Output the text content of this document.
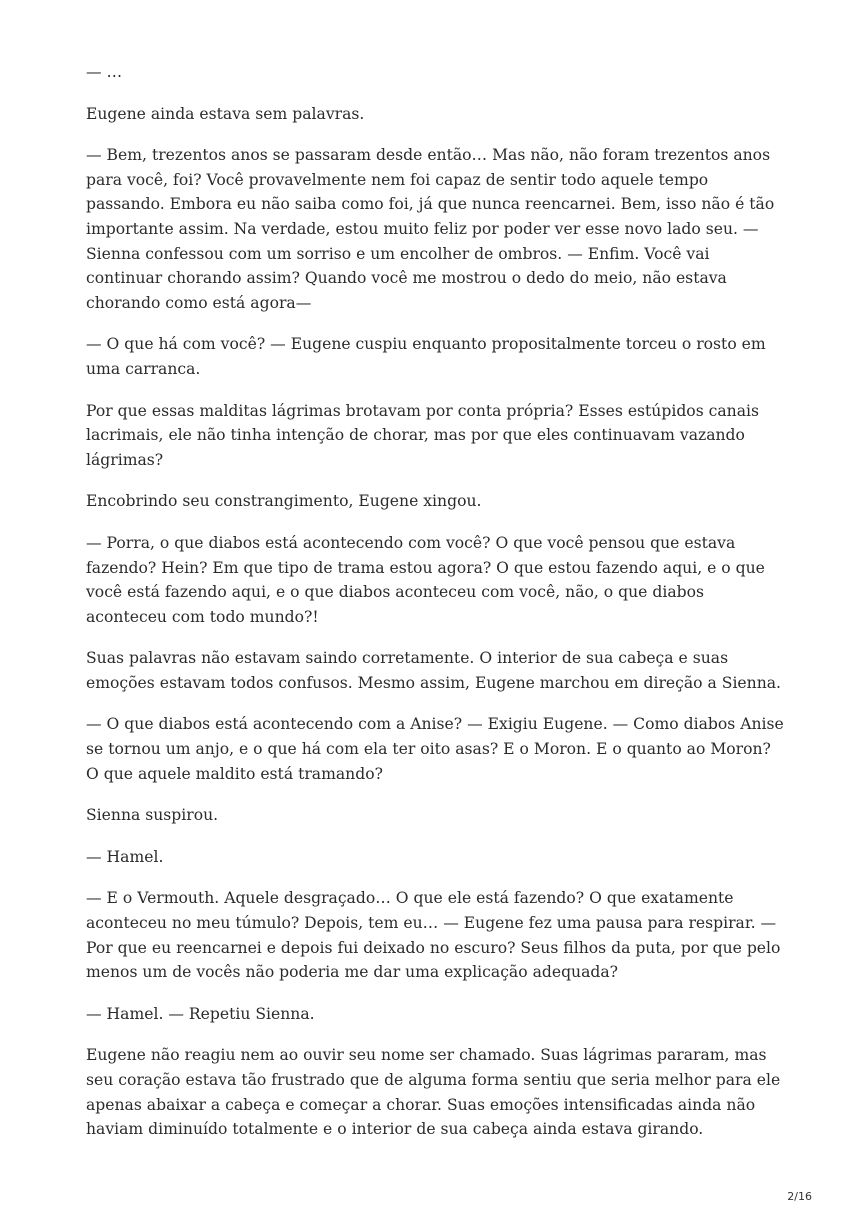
— …

Eugene ainda estava sem palavras.

— Bem, trezentos anos se passaram desde então… Mas não, não foram trezentos anos para você, foi? Você provavelmente nem foi capaz de sentir todo aquele tempo passando. Embora eu não saiba como foi, já que nunca reencarnei. Bem, isso não é tão importante assim. Na verdade, estou muito feliz por poder ver esse novo lado seu. — Sienna confessou com um sorriso e um encolher de ombros. — Enfim. Você vai continuar chorando assim? Quando você me mostrou o dedo do meio, não estava chorando como está agora—

— O que há com você? — Eugene cuspiu enquanto propositalmente torceu o rosto em uma carranca.

Por que essas malditas lágrimas brotavam por conta própria? Esses estúpidos canais lacrimais, ele não tinha intenção de chorar, mas por que eles continuavam vazando lágrimas?

Encobrindo seu constrangimento, Eugene xingou.

— Porra, o que diabos está acontecendo com você? O que você pensou que estava fazendo? Hein? Em que tipo de trama estou agora? O que estou fazendo aqui, e o que você está fazendo aqui, e o que diabos aconteceu com você, não, o que diabos aconteceu com todo mundo?!

Suas palavras não estavam saindo corretamente. O interior de sua cabeça e suas emoções estavam todos confusos. Mesmo assim, Eugene marchou em direção a Sienna.

— O que diabos está acontecendo com a Anise? — Exigiu Eugene. — Como diabos Anise se tornou um anjo, e o que há com ela ter oito asas? E o Moron. E o quanto ao Moron? O que aquele maldito está tramando?

Sienna suspirou.

— Hamel.

— E o Vermouth. Aquele desgraçado… O que ele está fazendo? O que exatamente aconteceu no meu túmulo? Depois, tem eu… — Eugene fez uma pausa para respirar. — Por que eu reencarnei e depois fui deixado no escuro? Seus filhos da puta, por que pelo menos um de vocês não poderia me dar uma explicação adequada?

— Hamel. — Repetiu Sienna.

Eugene não reagiu nem ao ouvir seu nome ser chamado. Suas lágrimas pararam, mas seu coração estava tão frustrado que de alguma forma sentiu que seria melhor para ele apenas abaixar a cabeça e começar a chorar. Suas emoções intensificadas ainda não haviam diminuído totalmente e o interior de sua cabeça ainda estava girando.

2/16
